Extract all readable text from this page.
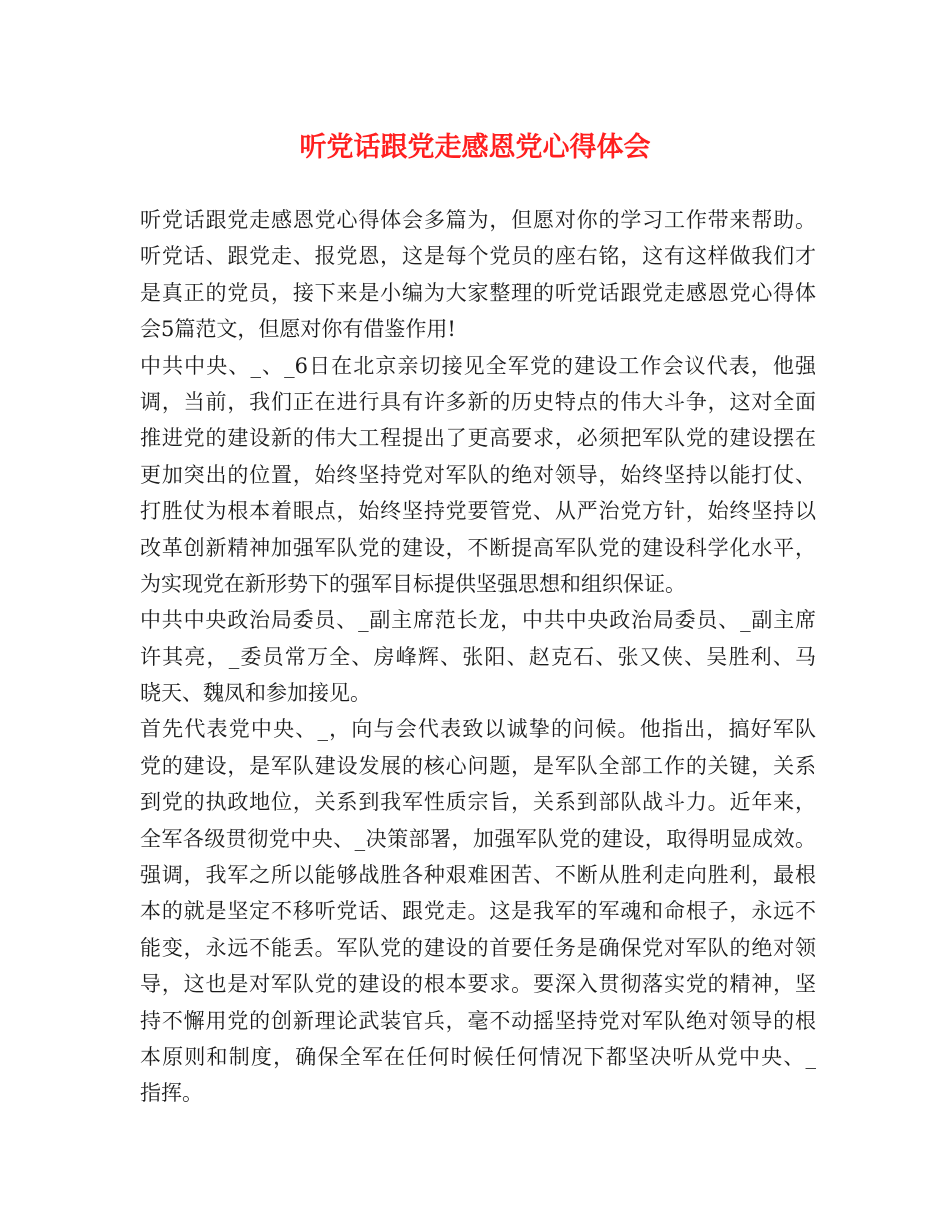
听党话跟党走感恩党心得体会
听党话跟党走感恩党心得体会多篇为，但愿对你的学习工作带来帮助。
听党话、跟党走、报党恩，这是每个党员的座右铭，这有这样做我们才
是真正的党员，接下来是小编为大家整理的听党话跟党走感恩党心得体
会5篇范文，但愿对你有借鉴作用!
中共中央、_、_6日在北京亲切接见全军党的建设工作会议代表，他强
调，当前，我们正在进行具有许多新的历史特点的伟大斗争，这对全面
推进党的建设新的伟大工程提出了更高要求，必须把军队党的建设摆在
更加突出的位置，始终坚持党对军队的绝对领导，始终坚持以能打仗、
打胜仗为根本着眼点，始终坚持党要管党、从严治党方针，始终坚持以
改革创新精神加强军队党的建设，不断提高军队党的建设科学化水平，
为实现党在新形势下的强军目标提供坚强思想和组织保证。
中共中央政治局委员、_副主席范长龙，中共中央政治局委员、_副主席
许其亮，_委员常万全、房峰辉、张阳、赵克石、张又侠、吴胜利、马
晓天、魏凤和参加接见。
首先代表党中央、_，向与会代表致以诚挚的问候。他指出，搞好军队
党的建设，是军队建设发展的核心问题，是军队全部工作的关键，关系
到党的执政地位，关系到我军性质宗旨，关系到部队战斗力。近年来，
全军各级贯彻党中央、_决策部署，加强军队党的建设，取得明显成效。
强调，我军之所以能够战胜各种艰难困苦、不断从胜利走向胜利，最根
本的就是坚定不移听党话、跟党走。这是我军的军魂和命根子，永远不
能变，永远不能丢。军队党的建设的首要任务是确保党对军队的绝对领
导，这也是对军队党的建设的根本要求。要深入贯彻落实党的精神，坚
持不懈用党的创新理论武装官兵，毫不动摇坚持党对军队绝对领导的根
本原则和制度，确保全军在任何时候任何情况下都坚决听从党中央、_
指挥。
